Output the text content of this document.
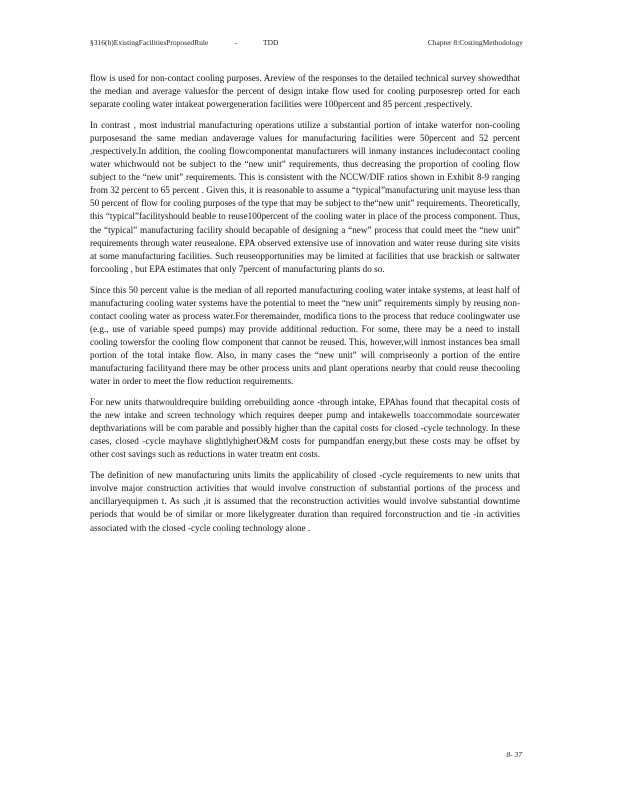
§316(b)ExistingFacilitiesProposedRule	-	TDD	Chapter 8:CostingMethodology

flow is used for non-contact cooling purposes. Areview of the responses to the detailed technical survey showedthat the median and average valuesfor the percent of design intake flow used for cooling purposesrep orted for each separate cooling water intakeat powergeneration facilities were 100percent and 85 percent ,respectively.

In contrast , most industrial manufacturing operations utilize a substantial portion of intake waterfor non-cooling purposesand the same median andaverage values for manufacturing facilities were 50percent and 52 percent ,respectively.In addition, the cooling flowcomponentat manufacturers will inmany instances includecontact cooling water whichwould not be subject to the “new unit” requirements, thus decreasing the proportion of cooling flow subject to the “new unit” requirements. This is consistent with the NCCW/DIF ratios shown in Exhibit 8-9 ranging from 32 percent to 65 percent . Given this, it is reasonable to assume a “typical”manufacturing unit mayuse less than 50 percent of flow for cooling purposes of the type that may be subject to the“new unit” requirements. Theoretically, this “typical”facilityshould beable to reuse100percent of the cooling water in place of the process component. Thus, the “typical” manufacturing facility should becapable of designing a “new” process that could meet the “new unit” requirements through water reusealone. EPA observed extensive use of innovation and water reuse during site visits at some manufacturing facilities. Such reuseopportunities may be limited at facilities that use brackish or saltwater forcooling , but EPA estimates that only 7percent of manufacturing plants do so.

Since this 50 percent value is the median of all reported manufacturing cooling water intake systems, at least half of manufacturing cooling water systems have the potential to meet the “new unit” requirements simply by reusing non- contact cooling water as process water.For theremainder, modifica tions to the process that reduce coolingwater use (e.g., use of variable speed pumps) may provide additional reduction. For some, there may be a need to install cooling towersfor the cooling flow component that cannot be reused. This, however,will inmost instances bea small portion of the total intake flow. Also, in many cases the “new unit” will compriseonly a portion of the entire manufacturing facilityand there may be other process units and plant operations nearby that could reuse thecooling water in order to meet the flow reduction requirements.

For new units thatwouldrequire building orrebuilding aonce -through intake, EPAhas found that thecapital costs of the new intake and screen technology which requires deeper pump and intakewells toaccommodate sourcewater depthvariations will be com parable and possibly higher than the capital costs for closed -cycle technology. In these cases, closed -cycle mayhave slightlyhigherO&M costs for pumpandfan energy,but these costs may be offset by other cost savings such as reductions in water treatm ent costs.

The definition of new manufacturing units limits the applicability of closed -cycle requirements to new units that involve major construction activities that would involve construction of substantial portions of the process and ancillaryequipmen t. As such ,it is assumed that the reconstruction activities would involve substantial downtime periods that would be of similar or more likelygreater duration than required forconstruction and tie -in activities associated with the closed -cycle cooling technology alone .

8- 37
